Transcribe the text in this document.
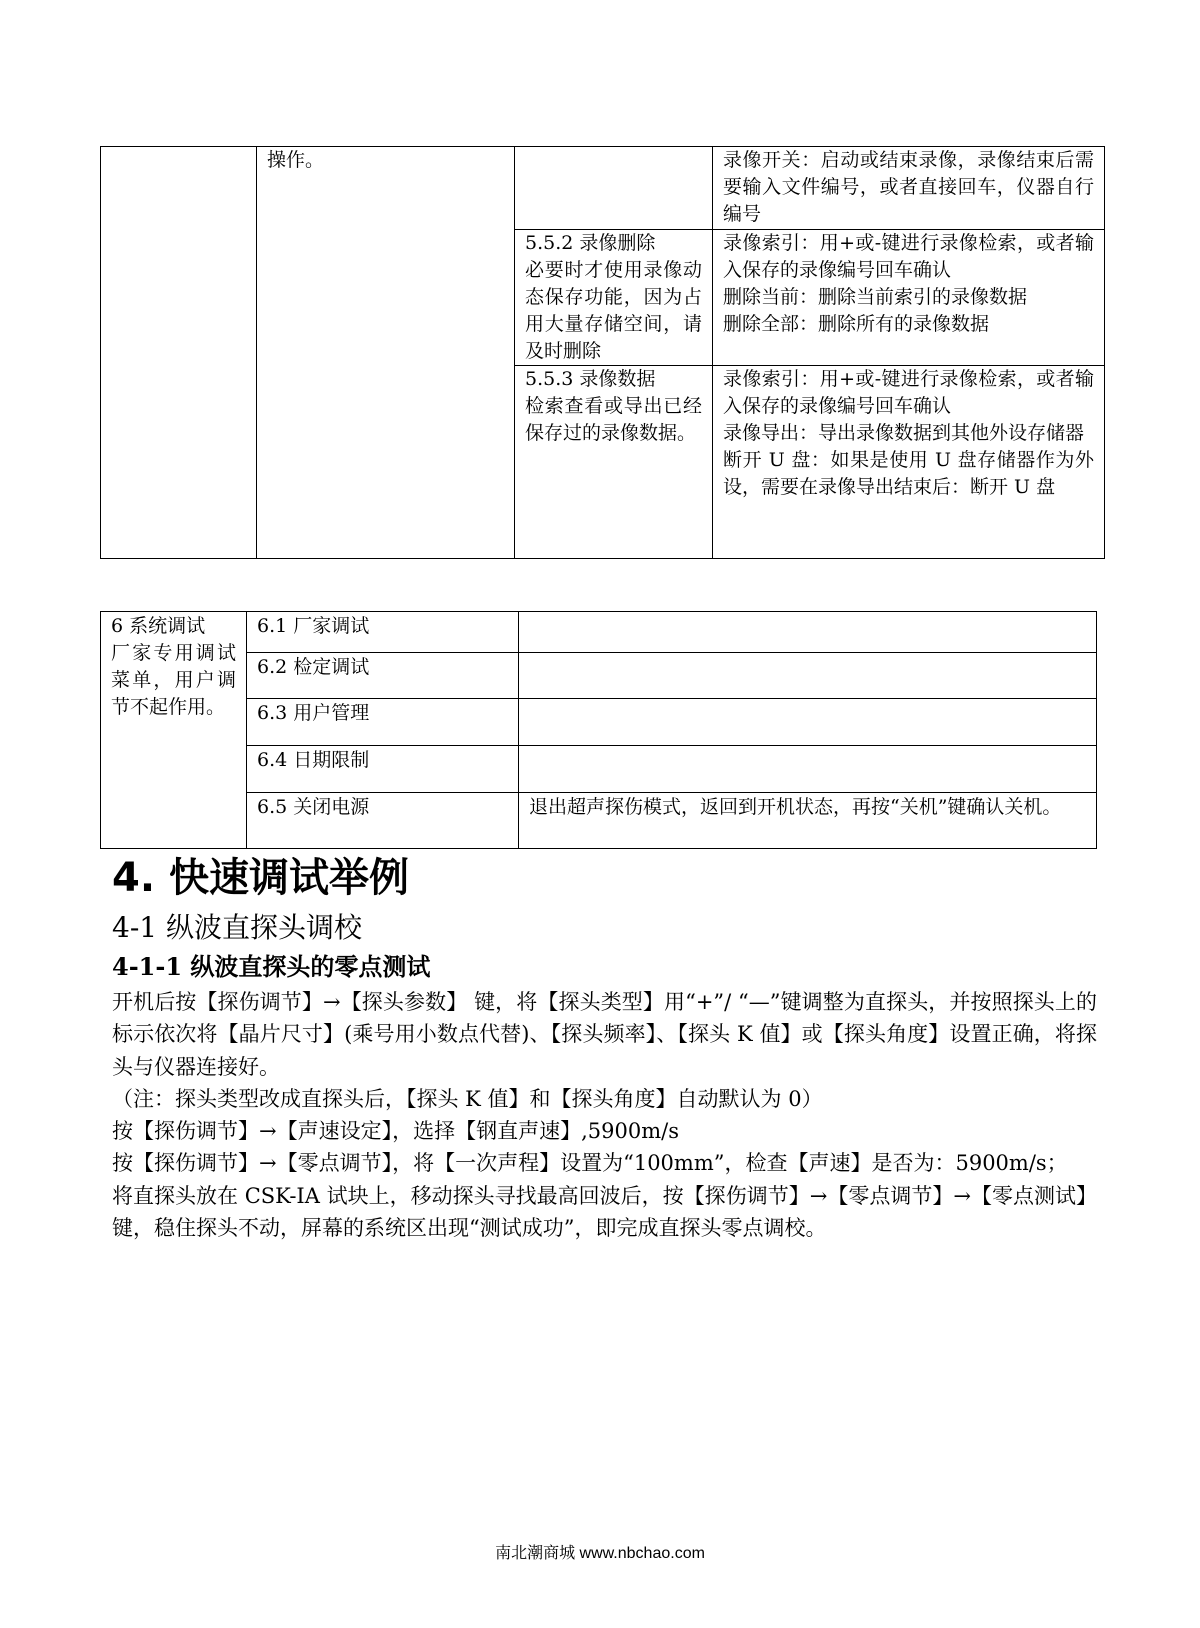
	操作。		录像开关：启动或结束录像，录像结束后需要输入文件编号，或者直接回车，仪器自行编号
		5.5.2 录像删除
必要时才使用录像动态保存功能，因为占用大量存储空间，请及时删除	录像索引：用+或-键进行录像检索，或者输入保存的录像编号回车确认
删除当前：删除当前索引的录像数据
删除全部：删除所有的录像数据
		5.5.3 录像数据
检索查看或导出已经保存过的录像数据。	录像索引：用+或-键进行录像检索，或者输入保存的录像编号回车确认
录像导出：导出录像数据到其他外设存储器
断开 U 盘：如果是使用 U 盘存储器作为外设，需要在录像导出结束后：断开 U 盘
6 系统调试
厂家专用调试菜单，用户调节不起作用。	6.1 厂家调试	
	6.2 检定调试	
	6.3 用户管理	
	6.4 日期限制	
	6.5 关闭电源	退出超声探伤模式，返回到开机状态，再按“关机”键确认关机。
4. 快速调试举例
4-1 纵波直探头调校
4-1-1 纵波直探头的零点测试

开机后按【探伤调节】→【探头参数】 键，将【探头类型】用“+”/ “—”键调整为直探头，并按照探头上的标示依次将【晶片尺寸】(乘号用小数点代替)、【探头频率】、【探头 K 值】或【探头角度】设置正确，将探头与仪器连接好。

（注：探头类型改成直探头后，【探头 K 值】和【探头角度】自动默认为 0）

按【探伤调节】→【声速设定】，选择【钢直声速】,5900m/s

按【探伤调节】→【零点调节】，将【一次声程】设置为“100mm”，检查【声速】是否为：5900m/s；

将直探头放在 CSK-IA 试块上，移动探头寻找最高回波后，按【探伤调节】→【零点调节】→【零点测试】键，稳住探头不动，屏幕的系统区出现“测试成功”，即完成直探头零点调校。

南北潮商城 www.nbchao.com
